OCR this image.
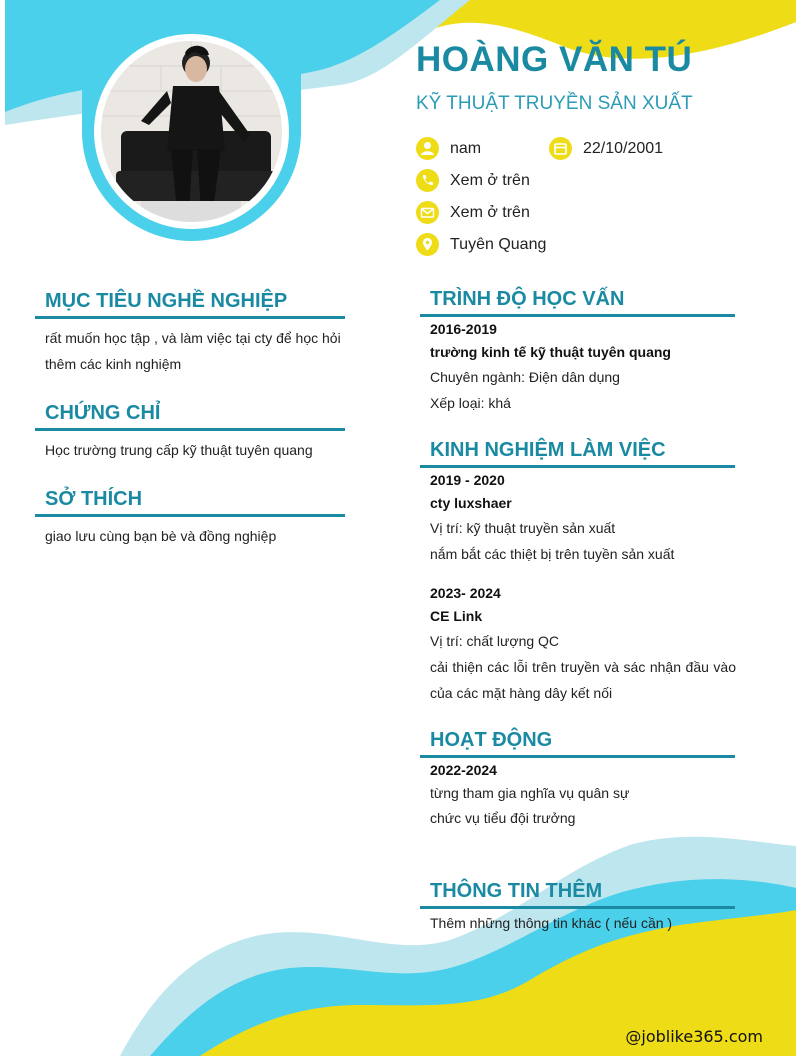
HOÀNG VĂN TÚ
KỸ THUẬT TRUYỀN SẢN XUẤT
nam	22/10/2001
Xem ở trên
Xem ở trên
Tuyên Quang
MỤC TIÊU NGHỀ NGHIỆP
rất muốn học tập , và làm việc tại cty để học hỏi thêm các kinh nghiệm
CHỨNG CHỈ
Học trường trung cấp kỹ thuật tuyên quang
SỞ THÍCH
giao lưu cùng bạn bè và đồng nghiệp
TRÌNH ĐỘ HỌC VẤN
2016-2019
trường kinh tế kỹ thuật tuyên quang
Chuyên ngành: Điện dân dụng
Xếp loại: khá
KINH NGHIỆM LÀM VIỆC
2019 - 2020
cty luxshaer
Vị trí: kỹ thuật truyền sản xuất
nắm bắt các thiệt bị trên tuyền sản xuất
2023- 2024
CE Link
Vị trí: chất lượng QC
cải thiện các lỗi trên truyền và sác nhận đầu vào của các mặt hàng dây kết nối
HOẠT ĐỘNG
2022-2024
từng tham gia nghĩa vụ quân sự
chức vụ tiểu đội trưởng
THÔNG TIN THÊM
Thêm những thông tin khác ( nếu cần )
@joblike365.com
